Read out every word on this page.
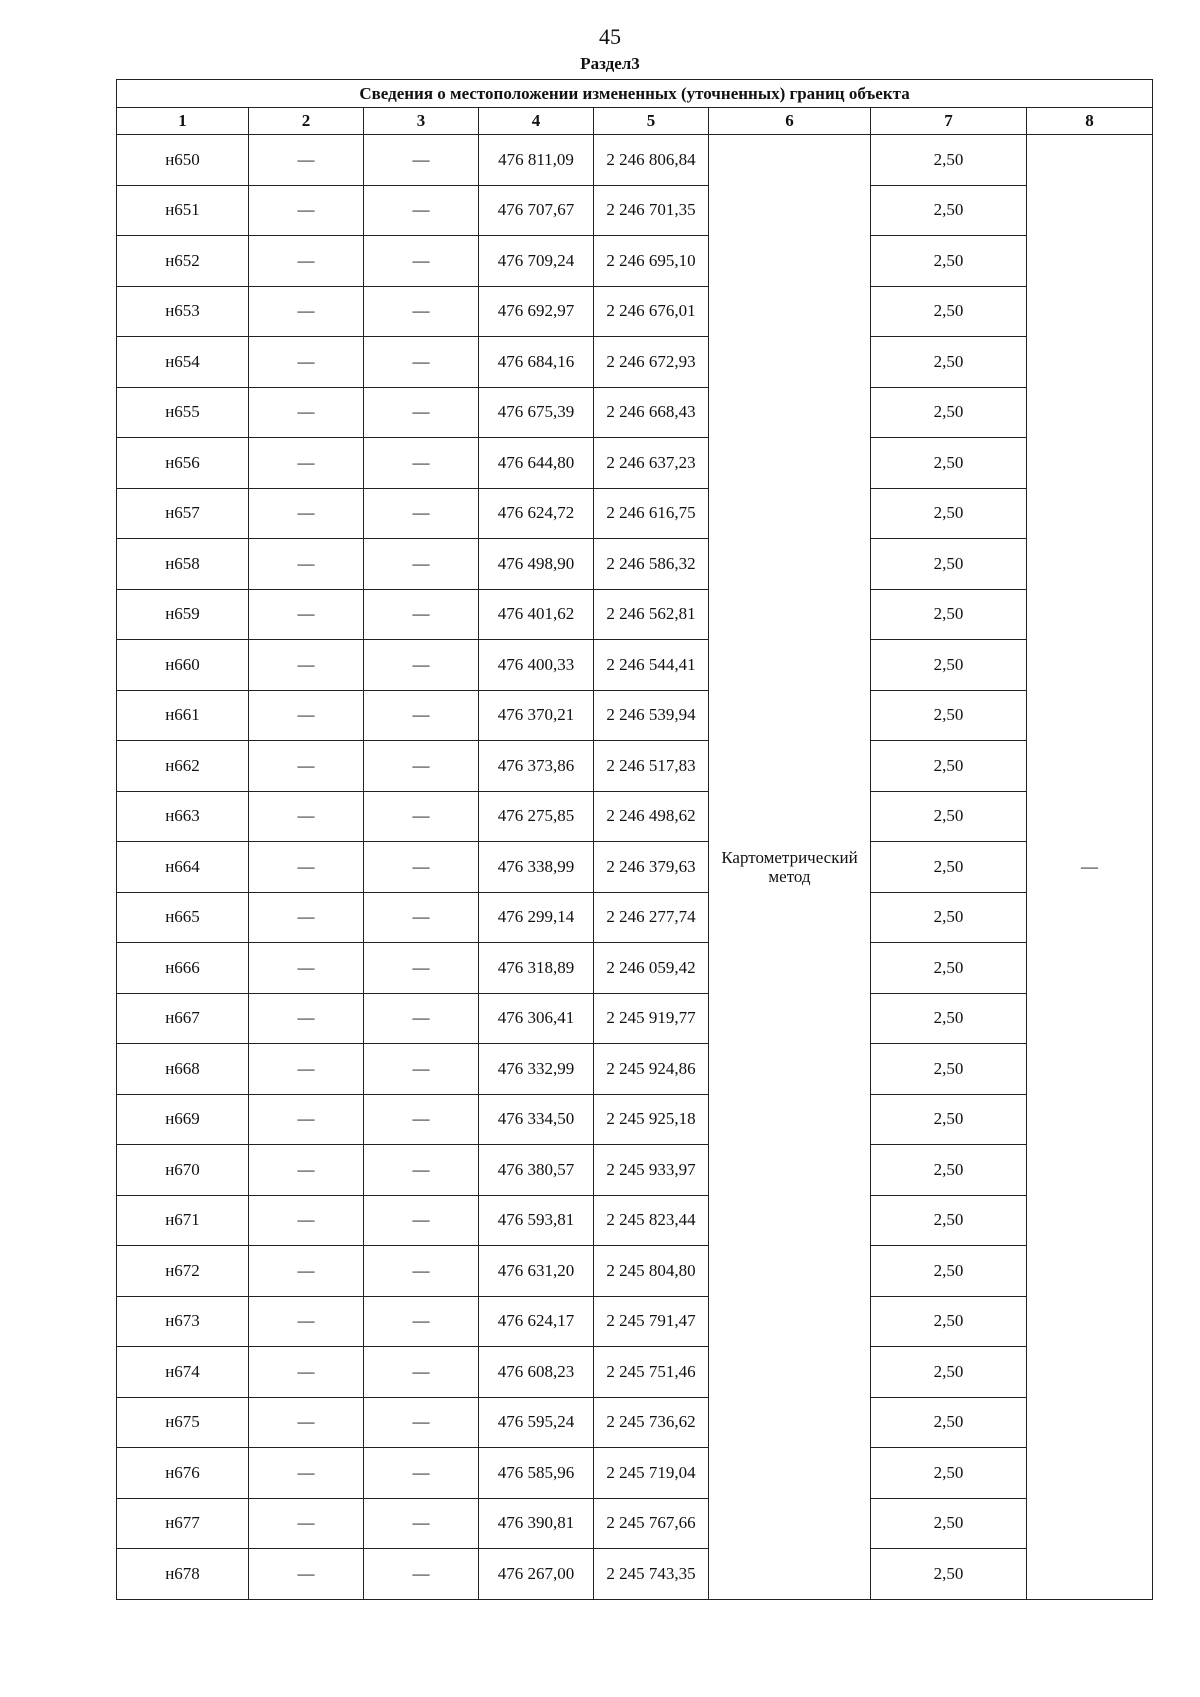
45
Раздел3
Сведения о местоположении измененных (уточненных) границ объекта							
1	2	3	4	5	6	7	8
н650	—	—	476 811,09	2 246 806,84	Картометрический метод	2,50	—
н651	—	—	476 707,67	2 246 701,35		2,50	
н652	—	—	476 709,24	2 246 695,10		2,50	
н653	—	—	476 692,97	2 246 676,01		2,50	
н654	—	—	476 684,16	2 246 672,93		2,50	
н655	—	—	476 675,39	2 246 668,43		2,50	
н656	—	—	476 644,80	2 246 637,23		2,50	
н657	—	—	476 624,72	2 246 616,75		2,50	
н658	—	—	476 498,90	2 246 586,32		2,50	
н659	—	—	476 401,62	2 246 562,81		2,50	
н660	—	—	476 400,33	2 246 544,41		2,50	
н661	—	—	476 370,21	2 246 539,94		2,50	
н662	—	—	476 373,86	2 246 517,83		2,50	
н663	—	—	476 275,85	2 246 498,62		2,50	
н664	—	—	476 338,99	2 246 379,63		2,50	
н665	—	—	476 299,14	2 246 277,74		2,50	
н666	—	—	476 318,89	2 246 059,42		2,50	
н667	—	—	476 306,41	2 245 919,77		2,50	
н668	—	—	476 332,99	2 245 924,86		2,50	
н669	—	—	476 334,50	2 245 925,18		2,50	
н670	—	—	476 380,57	2 245 933,97		2,50	
н671	—	—	476 593,81	2 245 823,44		2,50	
н672	—	—	476 631,20	2 245 804,80		2,50	
н673	—	—	476 624,17	2 245 791,47		2,50	
н674	—	—	476 608,23	2 245 751,46		2,50	
н675	—	—	476 595,24	2 245 736,62		2,50	
н676	—	—	476 585,96	2 245 719,04		2,50	
н677	—	—	476 390,81	2 245 767,66		2,50	
н678	—	—	476 267,00	2 245 743,35		2,50	
